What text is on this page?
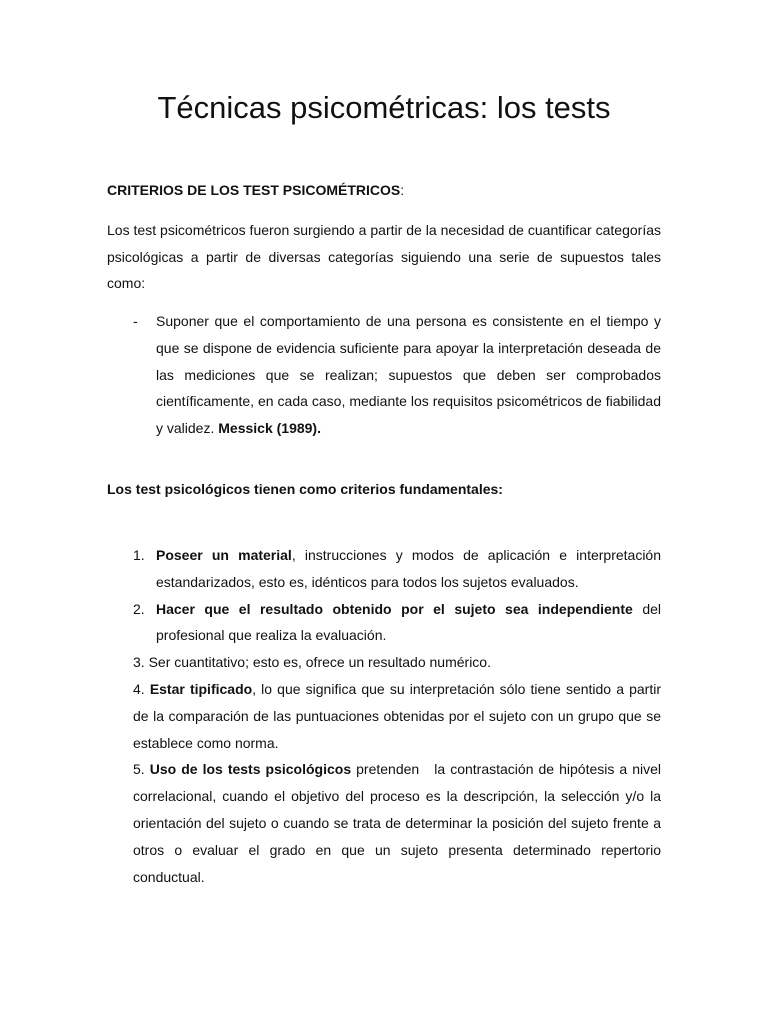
Técnicas psicométricas: los tests

CRITERIOS DE LOS TEST PSICOMÉTRICOS:

Los test psicométricos fueron surgiendo a partir de la necesidad de cuantificar categorías psicológicas a partir de diversas categorías siguiendo una serie de supuestos tales como:

- Suponer que el comportamiento de una persona es consistente en el tiempo y que se dispone de evidencia suficiente para apoyar la interpretación deseada de las mediciones que se realizan; supuestos que deben ser comprobados científicamente, en cada caso, mediante los requisitos psicométricos de fiabilidad y validez. Messick (1989).

Los test psicológicos tienen como criterios fundamentales:

1. Poseer un material, instrucciones y modos de aplicación e interpretación estandarizados, esto es, idénticos para todos los sujetos evaluados.
2. Hacer que el resultado obtenido por el sujeto sea independiente del profesional que realiza la evaluación.
3. Ser cuantitativo; esto es, ofrece un resultado numérico.
4. Estar tipificado, lo que significa que su interpretación sólo tiene sentido a partir de la comparación de las puntuaciones obtenidas por el sujeto con un grupo que se establece como norma.
5. Uso de los tests psicológicos pretenden   la contrastación de hipótesis a nivel correlacional, cuando el objetivo del proceso es la descripción, la selección y/o la orientación del sujeto o cuando se trata de determinar la posición del sujeto frente a otros o evaluar el grado en que un sujeto presenta determinado repertorio conductual.
